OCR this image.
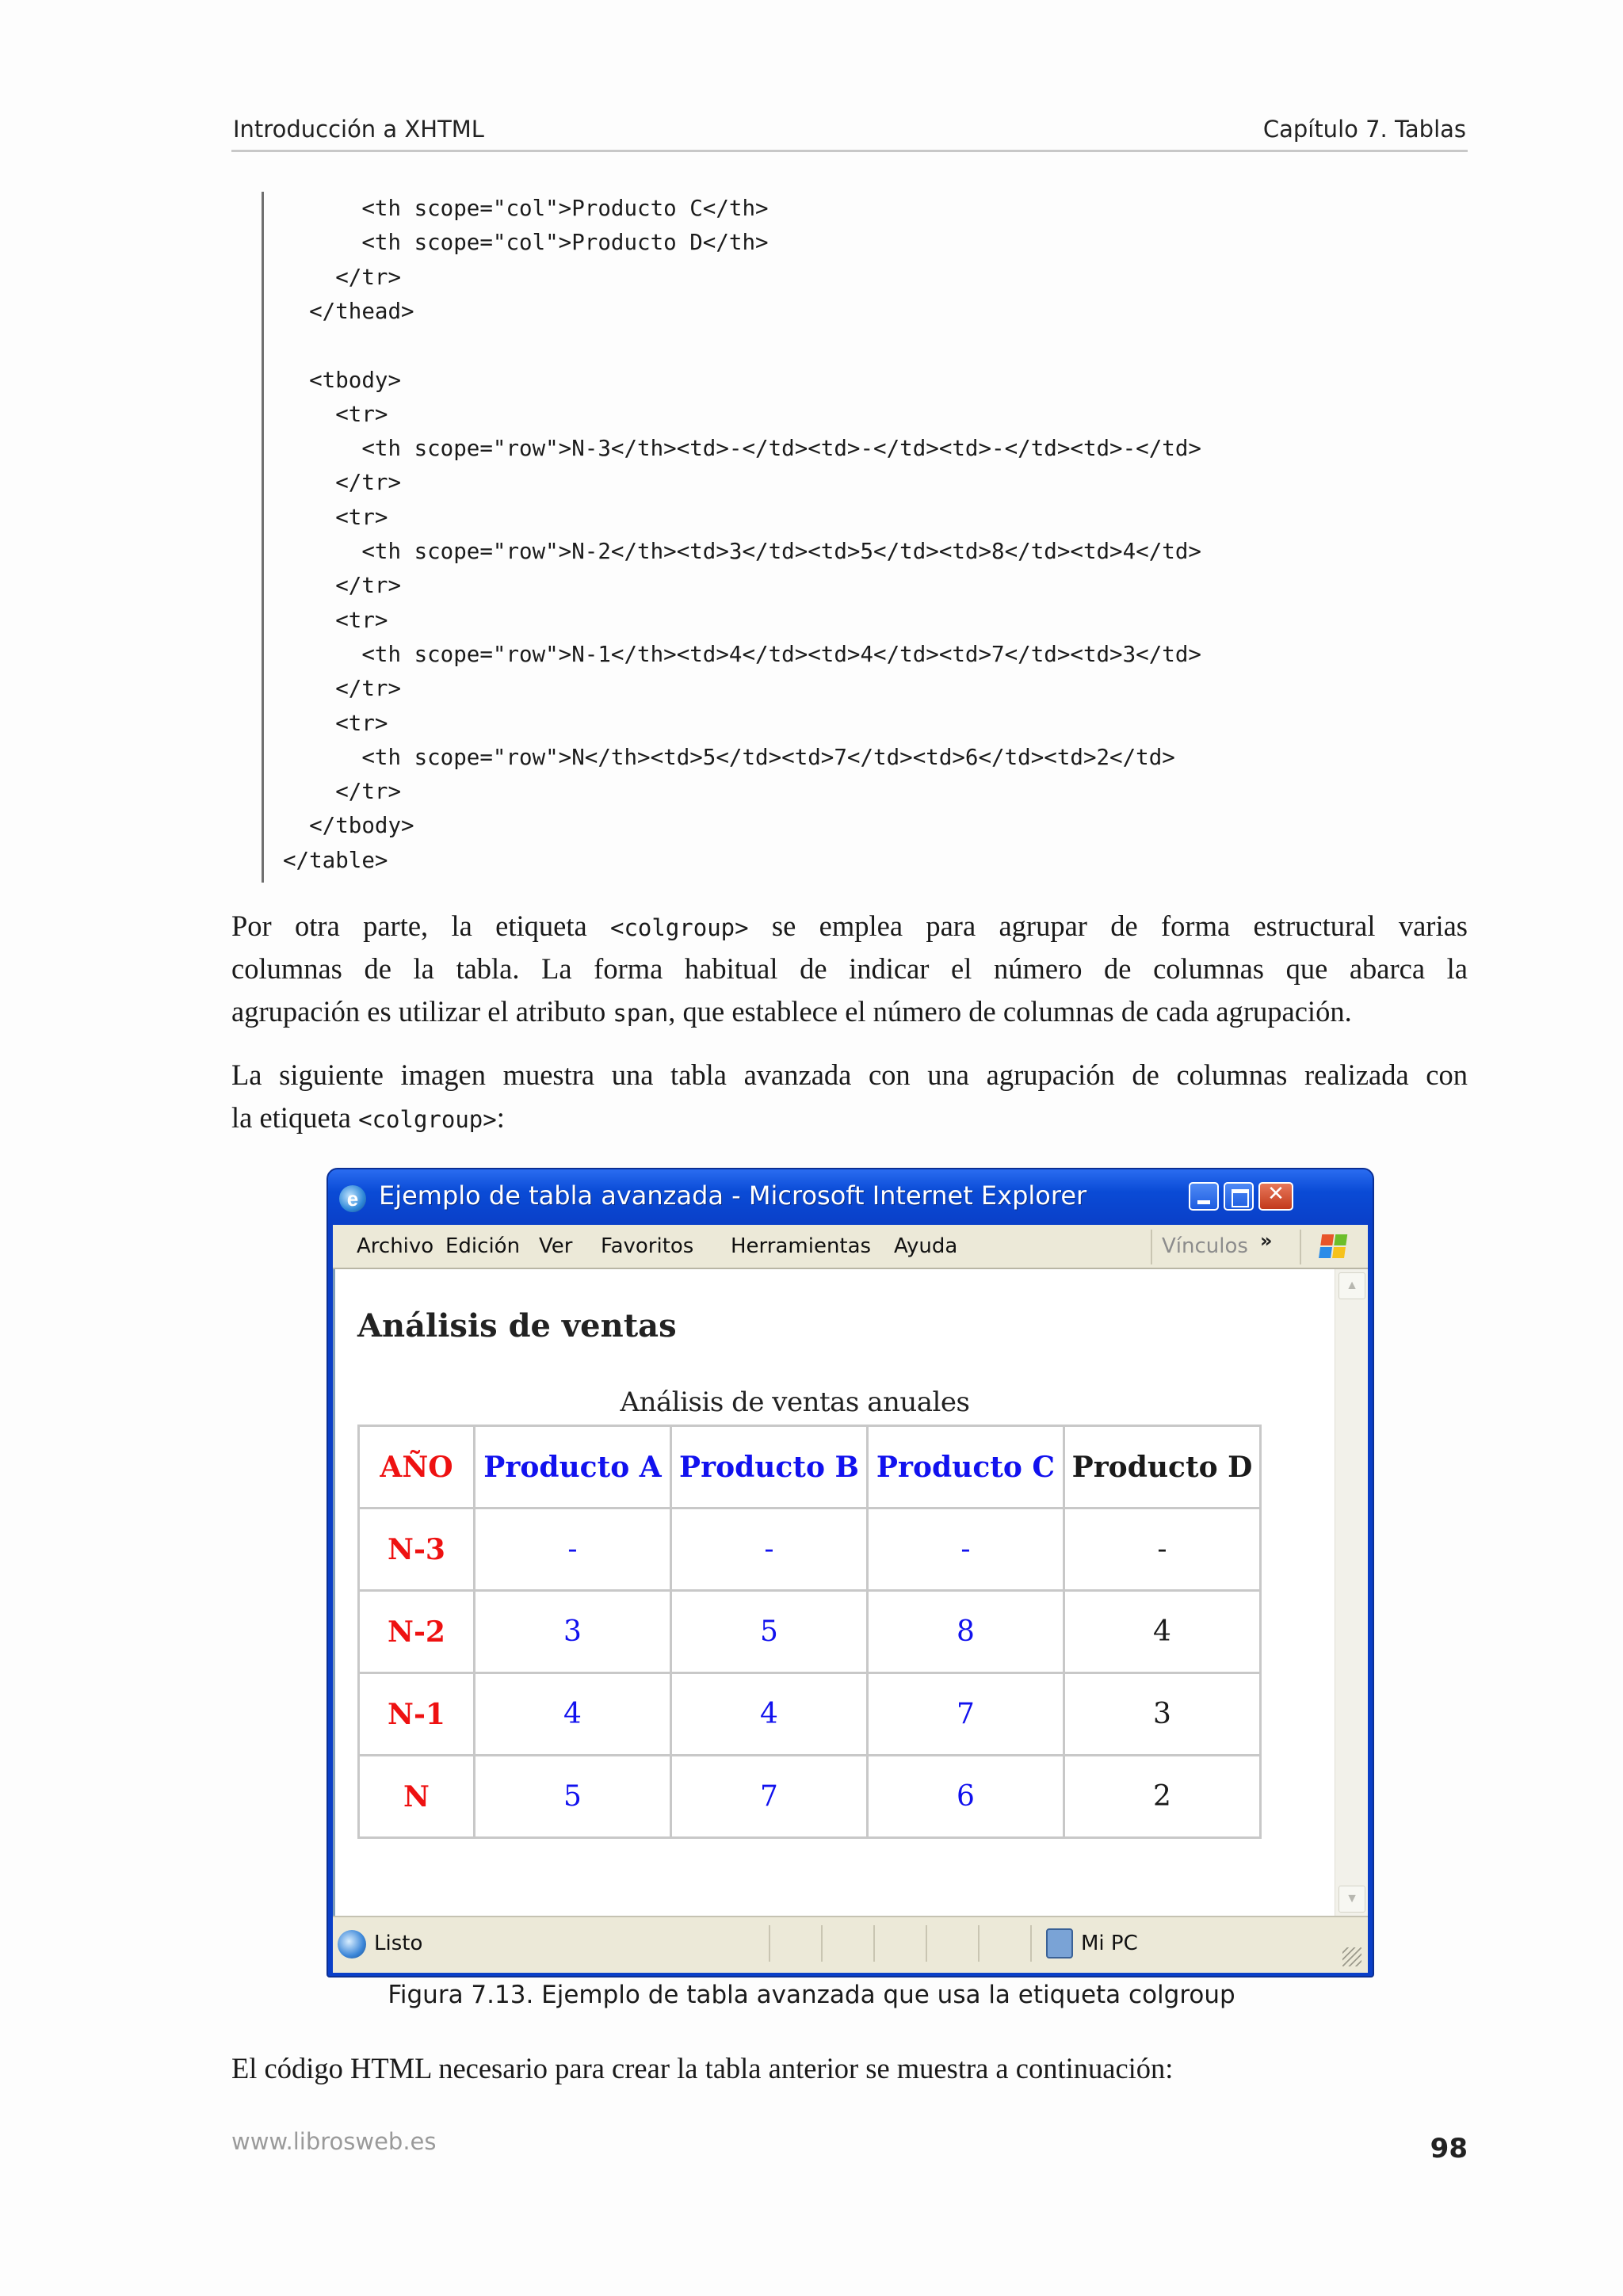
Introducción a XHTML	Capítulo 7. Tablas
<th scope="col">Producto C</th>
<th scope="col">Producto D</th>
</tr>
</thead>
<tbody>
<tr>
<th scope="row">N-3</th><td>-</td><td>-</td><td>-</td><td>-</td>
</tr>
<tr>
<th scope="row">N-2</th><td>3</td><td>5</td><td>8</td><td>4</td>
</tr>
<tr>
<th scope="row">N-1</th><td>4</td><td>4</td><td>7</td><td>3</td>
</tr>
<tr>
<th scope="row">N</th><td>5</td><td>7</td><td>6</td><td>2</td>
</tr>
</tbody>
</table>
Por otra parte, la etiqueta <colgroup> se emplea para agrupar de forma estructural varias
columnas de la tabla. La forma habitual de indicar el número de columnas que abarca la
agrupación es utilizar el atributo span, que establece el número de columnas de cada agrupación.
La siguiente imagen muestra una tabla avanzada con una agrupación de columnas realizada con
la etiqueta <colgroup>:
e Ejemplo de tabla avanzada - Microsoft Internet Explorer	✕
Archivo Edición Ver Favoritos Herramientas Ayuda	Vínculos »
Análisis de ventas
Análisis de ventas anuales
AÑO	Producto A	Producto B	Producto C	Producto D
N-3	-	-	-	-
N-2	3	5	8	4
N-1	4	4	7	3
N	5	7	6	2
▲
▼
Listo	Mi PC
Figura 7.13. Ejemplo de tabla avanzada que usa la etiqueta colgroup
El código HTML necesario para crear la tabla anterior se muestra a continuación:
www.librosweb.es	98
